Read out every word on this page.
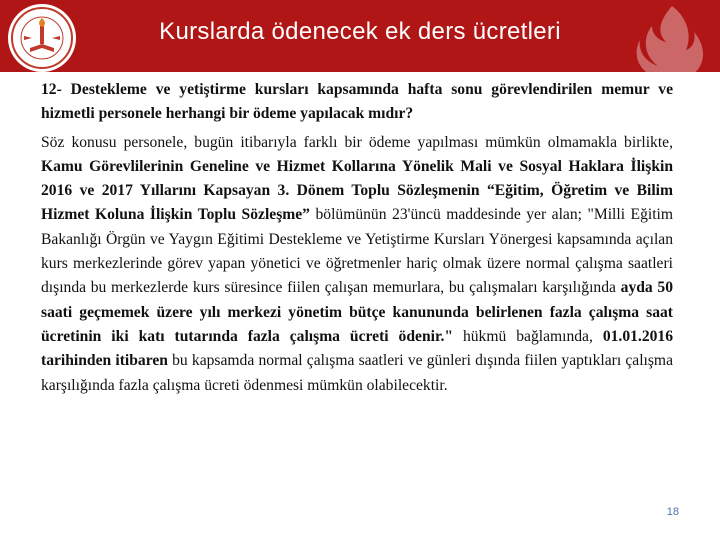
Kurslarda ödenecek ek ders ücretleri

12- Destekleme ve yetiştirme kursları kapsamında hafta sonu görevlendirilen memur ve hizmetli personele herhangi bir ödeme yapılacak mıdır?

Söz konusu personele, bugün itibarıyla farklı bir ödeme yapılması mümkün olmamakla birlikte, Kamu Görevlilerinin Geneline ve Hizmet Kollarına Yönelik Mali ve Sosyal Haklara İlişkin 2016 ve 2017 Yıllarını Kapsayan 3. Dönem Toplu Sözleşmenin “Eğitim, Öğretim ve Bilim Hizmet Koluna İlişkin Toplu Sözleşme” bölümünün 23'üncü maddesinde yer alan; "Milli Eğitim Bakanlığı Örgün ve Yaygın Eğitimi Destekleme ve Yetiştirme Kursları Yönergesi kapsamında açılan kurs merkezlerinde görev yapan yönetici ve öğretmenler hariç olmak üzere normal çalışma saatleri dışında bu merkezlerde kurs süresince fiilen çalışan memurlara, bu çalışmaları karşılığında ayda 50 saati geçmemek üzere yılı merkezi yönetim bütçe kanununda belirlenen fazla çalışma saat ücretinin iki katı tutarında fazla çalışma ücreti ödenir." hükmü bağlamında, 01.01.2016 tarihinden itibaren bu kapsamda normal çalışma saatleri ve günleri dışında fiilen yaptıkları çalışma karşılığında fazla çalışma ücreti ödenmesi mümkün olabilecektir.

18
